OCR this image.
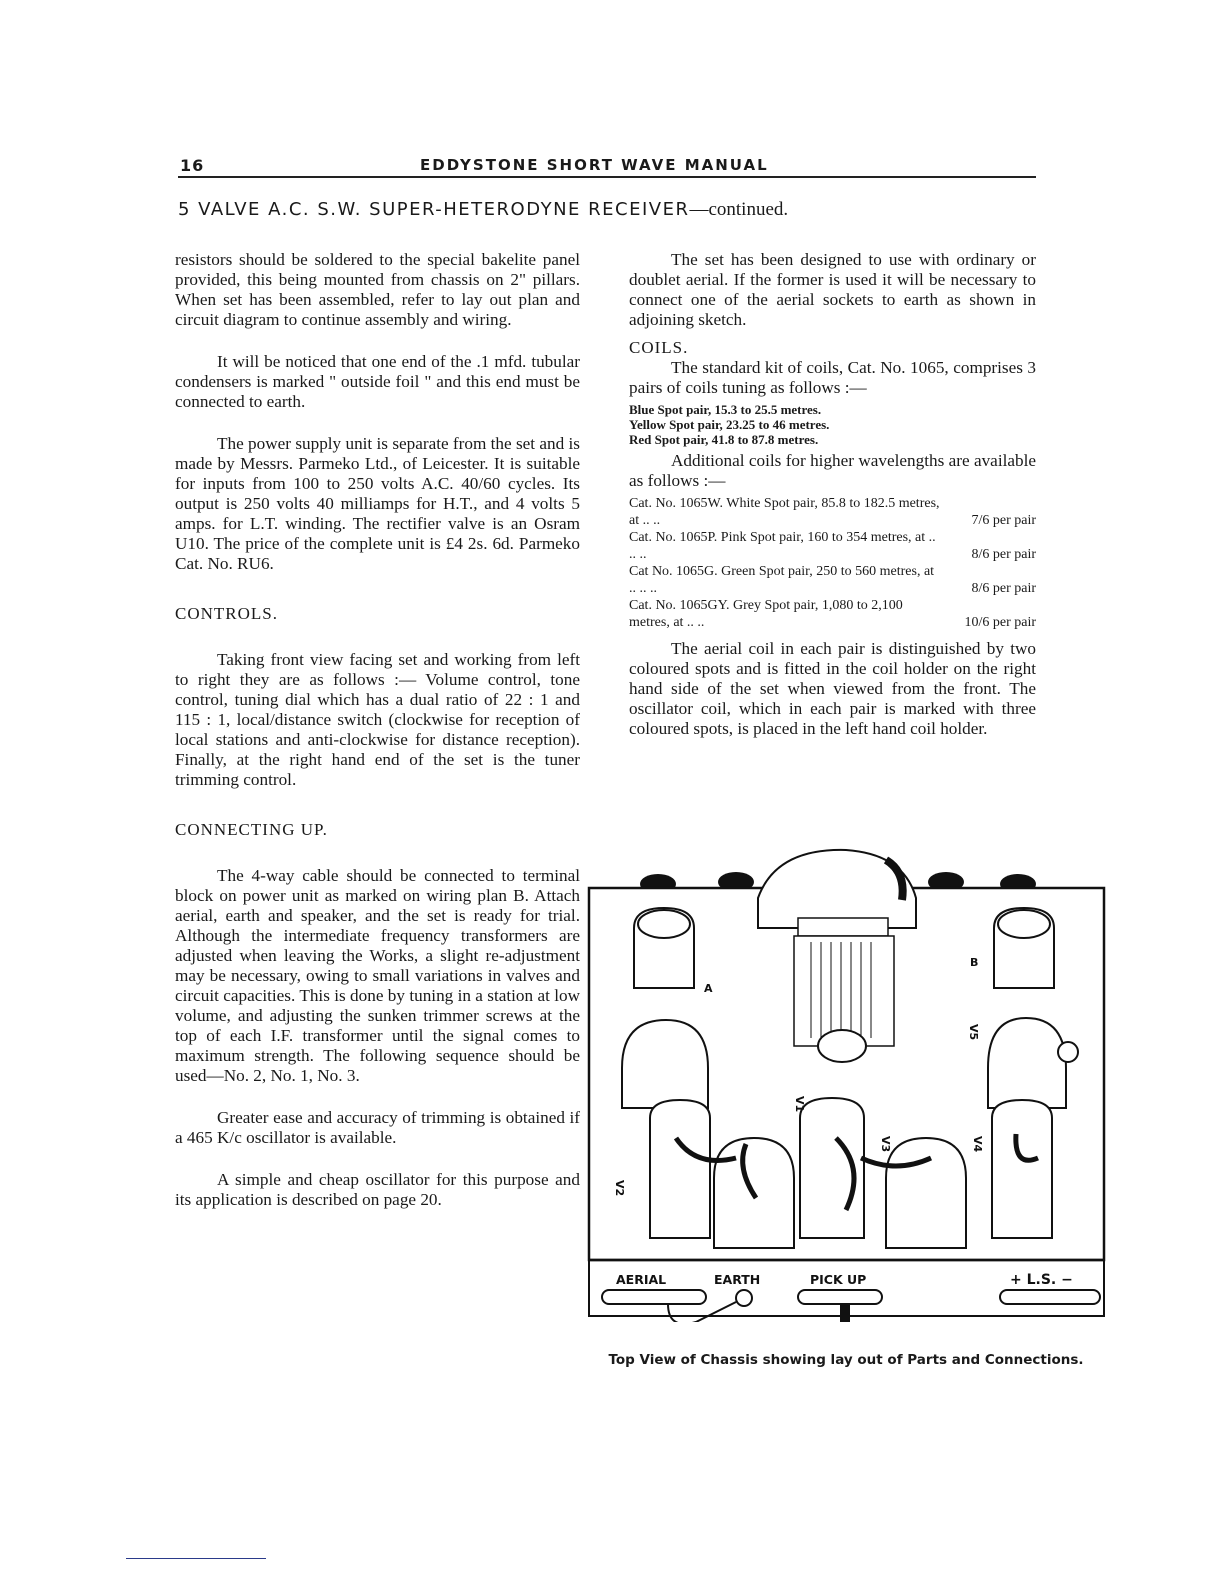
16	EDDYSTONE SHORT WAVE MANUAL
5 VALVE A.C. S.W. SUPER-HETERODYNE RECEIVER—continued.

resistors should be soldered to the special bakelite panel provided, this being mounted from chassis on 2" pillars. When set has been assembled, refer to lay out plan and circuit diagram to continue assembly and wiring.

It will be noticed that one end of the .1 mfd. tubular condensers is marked " outside foil " and this end must be connected to earth.

The power supply unit is separate from the set and is made by Messrs. Parmeko Ltd., of Leicester. It is suitable for inputs from 100 to 250 volts A.C. 40/60 cycles. Its output is 250 volts 40 milliamps for H.T., and 4 volts 5 amps. for L.T. winding. The rectifier valve is an Osram U10. The price of the complete unit is £4 2s. 6d. Parmeko Cat. No. RU6.

CONTROLS.

Taking front view facing set and working from left to right they are as follows :— Volume control, tone control, tuning dial which has a dual ratio of 22 : 1 and 115 : 1, local/distance switch (clockwise for reception of local stations and anti-clockwise for distance reception). Finally, at the right hand end of the set is the tuner trimming control.

CONNECTING UP.

The 4-way cable should be connected to terminal block on power unit as marked on wiring plan B. Attach aerial, earth and speaker, and the set is ready for trial. Although the intermediate frequency transformers are adjusted when leaving the Works, a slight re-adjustment may be necessary, owing to small variations in valves and circuit capacities. This is done by tuning in a station at low volume, and adjusting the sunken trimmer screws at the top of each I.F. transformer until the signal comes to maximum strength. The following sequence should be used—No. 2, No. 1, No. 3.

Greater ease and accuracy of trimming is obtained if a 465 K/c oscillator is available.

A simple and cheap oscillator for this purpose and its application is described on page 20.

The set has been designed to use with ordinary or doublet aerial. If the former is used it will be necessary to connect one of the aerial sockets to earth as shown in adjoining sketch.

COILS.

The standard kit of coils, Cat. No. 1065, comprises 3 pairs of coils tuning as follows :—

Blue Spot pair, 15.3 to 25.5 metres.

Yellow Spot pair, 23.25 to 46 metres.

Red Spot pair, 41.8 to 87.8 metres.

Additional coils for higher wavelengths are available as follows :—

Cat. No. 1065W. White Spot pair, 85.8 to 182.5 metres, at .. ..	7/6 per pair
Cat. No. 1065P. Pink Spot pair, 160 to 354 metres, at .. .. ..	8/6 per pair
Cat No. 1065G. Green Spot pair, 250 to 560 metres, at .. .. ..	8/6 per pair
Cat. No. 1065GY. Grey Spot pair, 1,080 to 2,100 metres, at .. ..	10/6 per pair

The aerial coil in each pair is distinguished by two coloured spots and is fitted in the coil holder on the right hand side of the set when viewed from the front. The oscillator coil, which in each pair is marked with three coloured spots, is placed in the left hand coil holder.

AERIAL	EARTH	PICK UP	+ L.S. −
V1
V2
V3	V4
V5
A
B
Top View of Chassis showing lay out of Parts and Connections.
